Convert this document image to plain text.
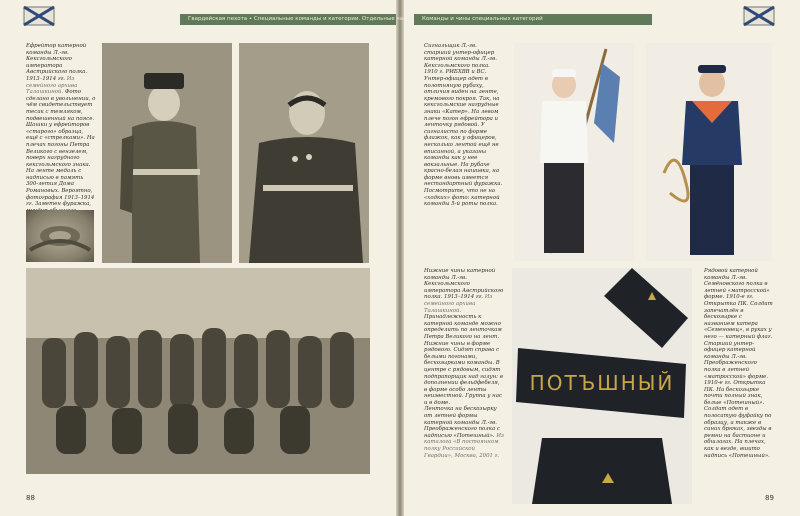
Гвардейская пехота • Специальные команды и категории. Отдельные части
Ефрейтор катерной команды Л.-гв. Кексгольмского императора Австрийского полка. 1913–1914 гг. Из семейного архива Талашкиной. Фото сделано в увольнении, о чём свидетельствует тесак с темляком, подвешенный на поясе. Шашки у ефрейторов «старого» образца, ещё с «стрелками». На плечах погоны Петра Великого с вензелем, поверх нагрудного кексгольмского знака. На ленте медаль с надписью в память 300-летия Дома Романовых. Вероятно, фотография 1913–1914 гг. Заметен фуражка,
88
Команды и чины специальных категорий
Сигнальщик Л.-гв. старший унтер-офицер катерной команды Л.-гв. Кексгольмского полка. 1910 г. РИБХВВ и ВС. Унтер-офицер одет в полотняную рубаху, отличия виден на ленте, кремового покроя. Так, на кексгольмские нагрудные знаки «Катер». На левом плече погон ефрейтора и ленточку рядовой. У сигналиста по форме флажок, как у офицеров, несколько лентой ещё не вписанной, а указаны команды как у нее вокзальные. На рубахе красно-белая нашивка, на форме вновь имеется нестандартный фуражка. Посмотрите, что не на «ходких» фото: катерной команды 5-й роты полка.
Нижние чины катерной команды Л.-гв. Кексгольмского императора Австрийского полка. 1913–1914 гг. Из семейного архива Талашкиной. Принадлежность к катерной команде можно определить по ленточкам Петра Великого на лент. Нижние чины в форме рядового. Сидят справа с белыми погонами, бескозырками команды. В центре с рядовым, сидят подпрапорщик над галун: в дополнении фельдфебеля, в форме особо ленты неизвестной. Группа у нас и в доме.
Ленточка на бескозырку от летней формы катерной команды Л.-гв. Преображенского полка с надписью «Потешный». Из каталога «В постоянном полку Российской Гвардии», Москва, 2001 г.
ПОТЪШНЫЙ
Рядовой катерной команды Л.-гв. Семёновского полка в летней «матросской» форме. 1910-е гг. Открытка ПК. Солдат запечатлён в бескозырке с названием катера «Семеновец», в руках у него — катерный флаг. Старший унтер-офицер катерной команды Л.-гв. Преображенского полка в летней «матросской» форме. 1910-е гг. Открытка ПК. На бескозырке почти полный знак, белые «Потешный». Солдат одет в полосатую фуфайку по образцу, а также в синих брюках, звезды в ремни на бастионе и обшлагах. На плечах, как и везде, вшито надпись «Потешный».
89
